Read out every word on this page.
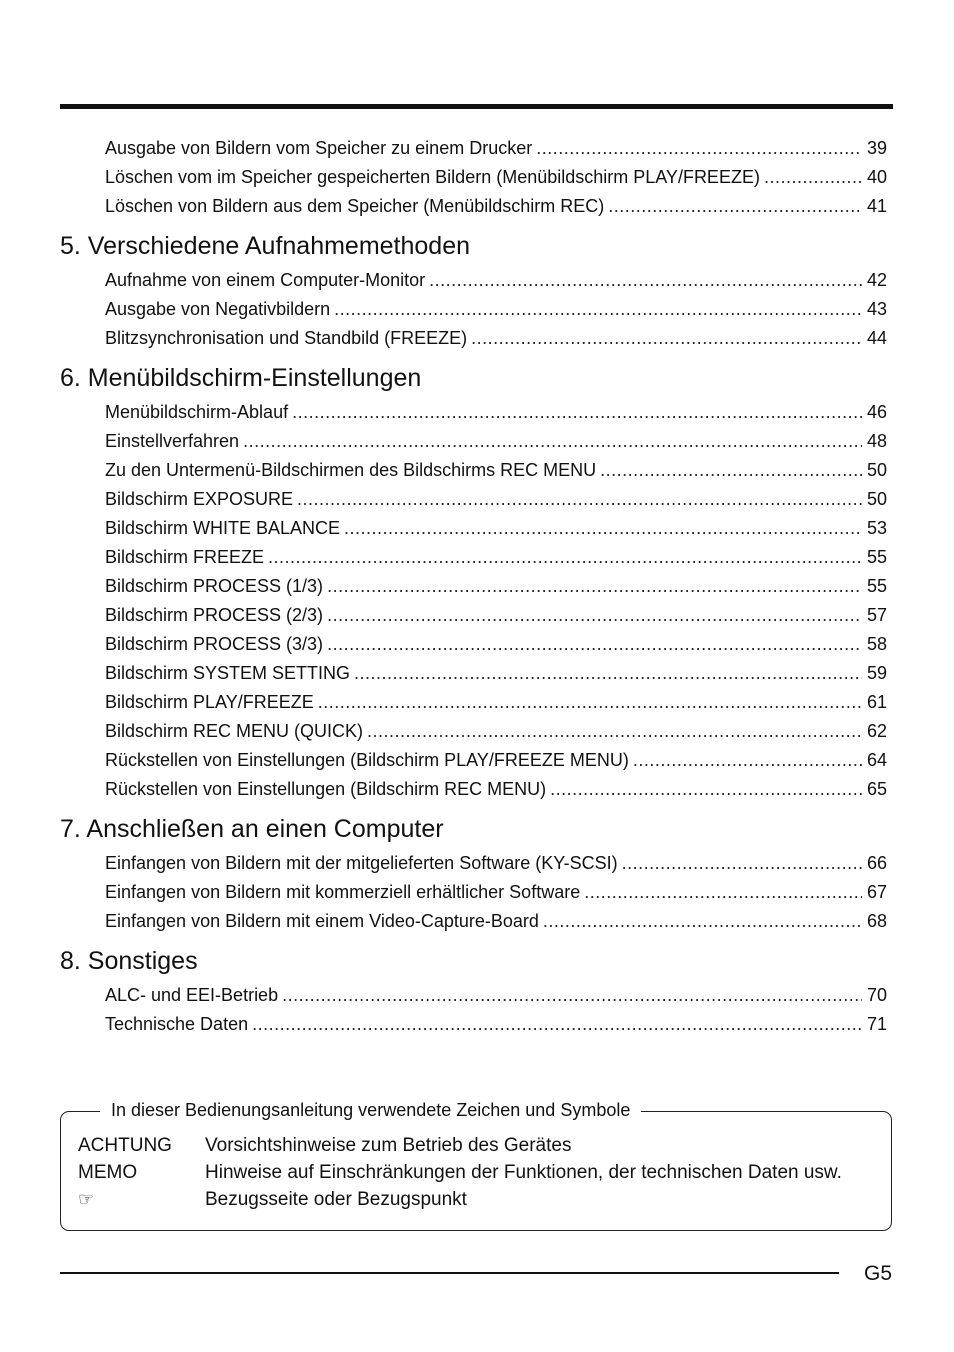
Ausgabe von Bildern vom Speicher zu einem Drucker .....	39
Löschen vom im Speicher gespeicherten Bildern (Menübildschirm PLAY/FREEZE) .....	40
Löschen von Bildern aus dem Speicher (Menübildschirm REC) .....	41
5. Verschiedene Aufnahmemethoden
Aufnahme von einem Computer-Monitor .....	42
Ausgabe von Negativbildern .....	43
Blitzsynchronisation und Standbild (FREEZE) .....	44
6. Menübildschirm-Einstellungen
Menübildschirm-Ablauf .....	46
Einstellverfahren .....	48
Zu den Untermenü-Bildschirmen des Bildschirms REC MENU .....	50
Bildschirm EXPOSURE .....	50
Bildschirm WHITE BALANCE .....	53
Bildschirm FREEZE .....	55
Bildschirm PROCESS (1/3) .....	55
Bildschirm PROCESS (2/3) .....	57
Bildschirm PROCESS (3/3) .....	58
Bildschirm SYSTEM SETTING .....	59
Bildschirm PLAY/FREEZE .....	61
Bildschirm REC MENU (QUICK) .....	62
Rückstellen von Einstellungen (Bildschirm PLAY/FREEZE MENU) .....	64
Rückstellen von Einstellungen (Bildschirm REC MENU) .....	65
7. Anschließen an einen Computer
Einfangen von Bildern mit der mitgelieferten Software (KY-SCSI) .....	66
Einfangen von Bildern mit kommerziell erhältlicher Software .....	67
Einfangen von Bildern mit einem Video-Capture-Board .....	68
8. Sonstiges
ALC- und EEI-Betrieb .....	70
Technische Daten .....	71
In dieser Bedienungsanleitung verwendete Zeichen und Symbole
ACHTUNG Vorsichtshinweise zum Betrieb des Gerätes
MEMO	Hinweise auf Einschränkungen der Funktionen, der technischen Daten usw.
☞	Bezugsseite oder Bezugspunkt
G5
